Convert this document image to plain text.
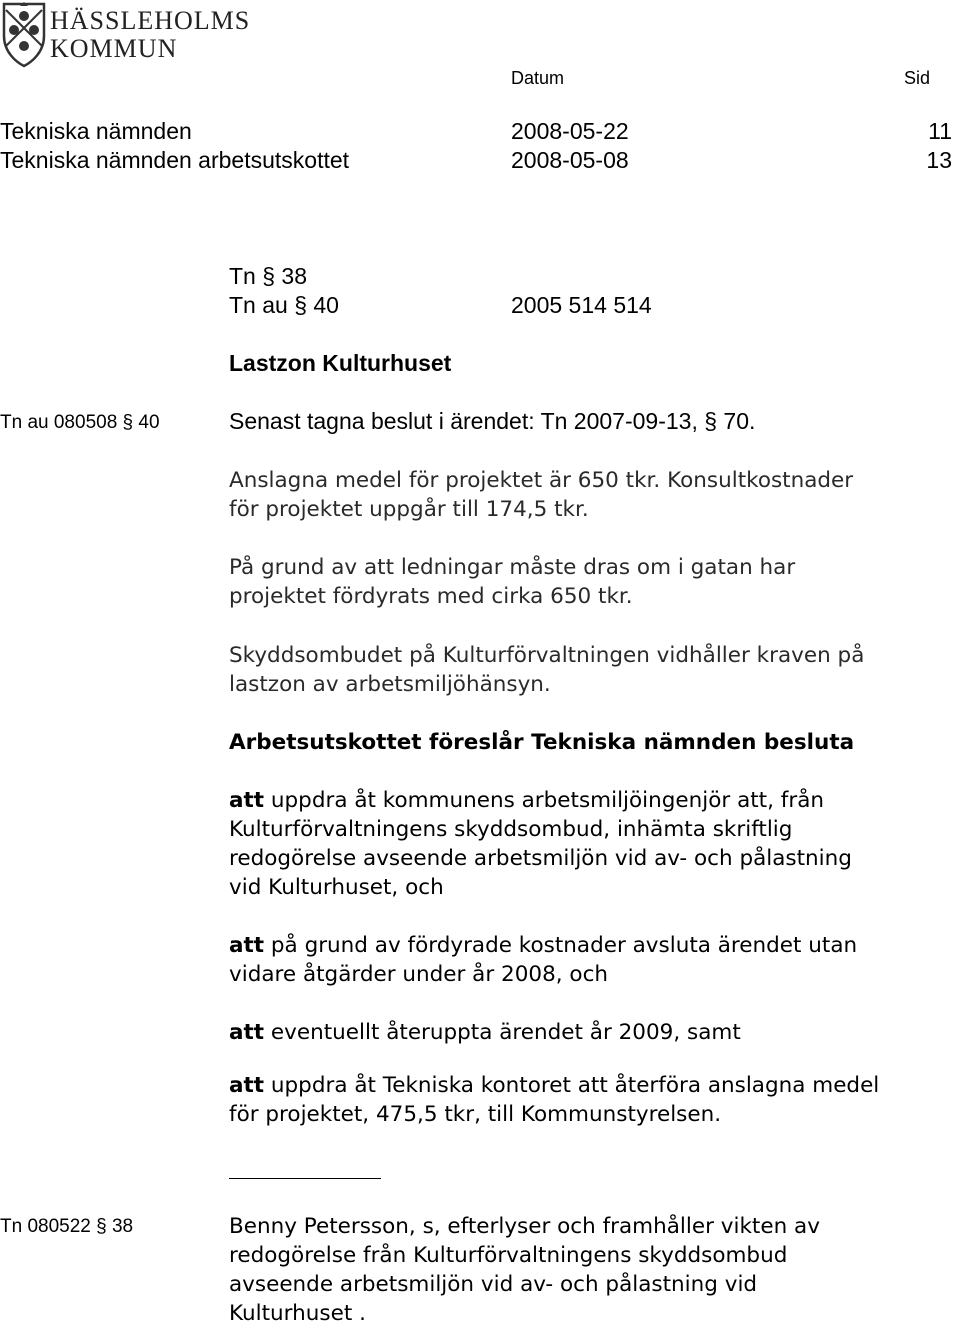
HÄSSLEHOLMS
KOMMUN
Datum	Sid
Tekniska nämnden	2008-05-22	11
Tekniska nämnden arbetsutskottet	2008-05-08	13
Tn § 38
Tn au § 40	2005 514 514
Lastzon Kulturhuset
Tn au 080508 § 40	Senast tagna beslut i ärendet: Tn 2007-09-13, § 70.
Anslagna medel för projektet är 650 tkr. Konsultkostnader
för projektet uppgår till 174,5 tkr.
På grund av att ledningar måste dras om i gatan har
projektet fördyrats med cirka 650 tkr.
Skyddsombudet på Kulturförvaltningen vidhåller kraven på
lastzon av arbetsmiljöhänsyn.
Arbetsutskottet föreslår Tekniska nämnden besluta
att uppdra åt kommunens arbetsmiljöingenjör att, från
Kulturförvaltningens skyddsombud, inhämta skriftlig
redogörelse avseende arbetsmiljön vid av- och pålastning
vid Kulturhuset, och
att på grund av fördyrade kostnader avsluta ärendet utan
vidare åtgärder under år 2008, och
att eventuellt återuppta ärendet år 2009, samt
att uppdra åt Tekniska kontoret att återföra anslagna medel
för projektet, 475,5 tkr, till Kommunstyrelsen.
Tn 080522 § 38	Benny Petersson, s, efterlyser och framhåller vikten av
redogörelse från Kulturförvaltningens skyddsombud
avseende arbetsmiljön vid av- och pålastning vid
Kulturhuset .
